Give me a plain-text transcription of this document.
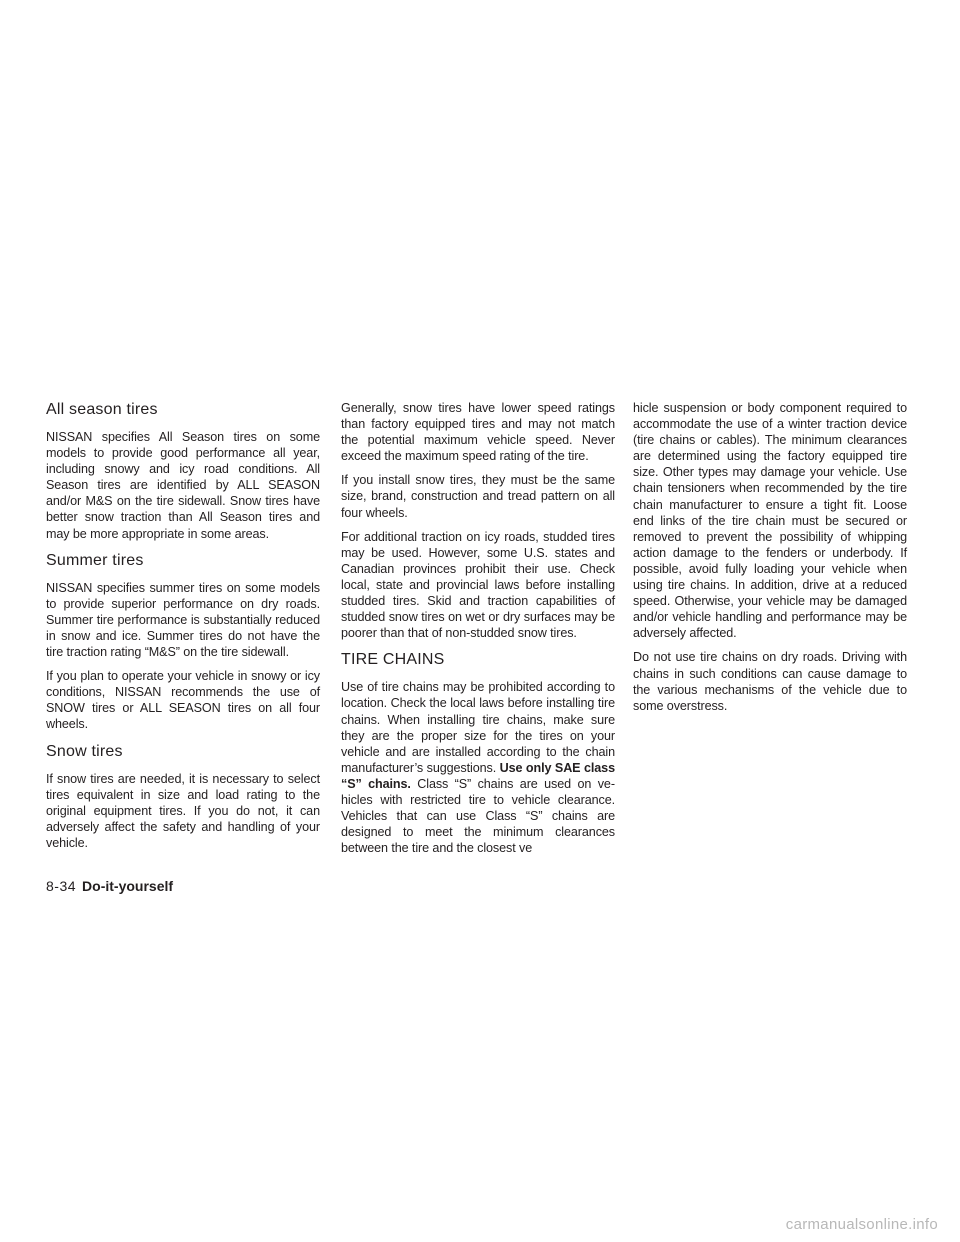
All season tires

NISSAN specifies All Season tires on some models to provide good performance all year, including snowy and icy road conditions. All Season tires are identified by ALL SEASON and/or M&S on the tire sidewall. Snow tires have better snow traction than All Season tires and may be more appropriate in some areas.

Summer tires

NISSAN specifies summer tires on some models to provide superior performance on dry roads. Summer tire performance is substantially reduced in snow and ice. Summer tires do not have the tire traction rating “M&S” on the tire sidewall.

If you plan to operate your vehicle in snowy or icy conditions, NISSAN recommends the use of SNOW tires or ALL SEASON tires on all four wheels.

Snow tires

If snow tires are needed, it is necessary to select tires equivalent in size and load rating to the original equipment tires. If you do not, it can adversely affect the safety and handling of your vehicle.

Generally, snow tires have lower speed ratings than factory equipped tires and may not match the potential maximum vehicle speed. Never exceed the maximum speed rating of the tire.

If you install snow tires, they must be the same size, brand, construction and tread pattern on all four wheels.

For additional traction on icy roads, studded tires may be used. However, some U.S. states and Canadian provinces prohibit their use. Check local, state and provincial laws before installing studded tires. Skid and traction capabilities of studded snow tires on wet or dry surfaces may be poorer than that of non-studded snow tires.

TIRE CHAINS

Use of tire chains may be prohibited according to location. Check the local laws before installing tire chains. When installing tire chains, make sure they are the proper size for the tires on your vehicle and are installed according to the chain manufacturer’s suggestions. Use only SAE class “S” chains. Class “S” chains are used on vehicles with restricted tire to vehicle clearance. Vehicles that can use Class “S” chains are designed to meet the minimum clearances between the tire and the closest ve

hicle suspension or body component required to accommodate the use of a winter traction device (tire chains or cables). The minimum clearances are determined using the factory equipped tire size. Other types may damage your vehicle. Use chain tensioners when recommended by the tire chain manufacturer to ensure a tight fit. Loose end links of the tire chain must be secured or removed to prevent the possibility of whipping action damage to the fenders or underbody. If possible, avoid fully loading your vehicle when using tire chains. In addition, drive at a reduced speed. Otherwise, your vehicle may be damaged and/or vehicle handling and performance may be adversely affected.

Do not use tire chains on dry roads. Driving with chains in such conditions can cause damage to the various mechanisms of the vehicle due to some overstress.

8-34 Do-it-yourself
carmanualsonline.info
